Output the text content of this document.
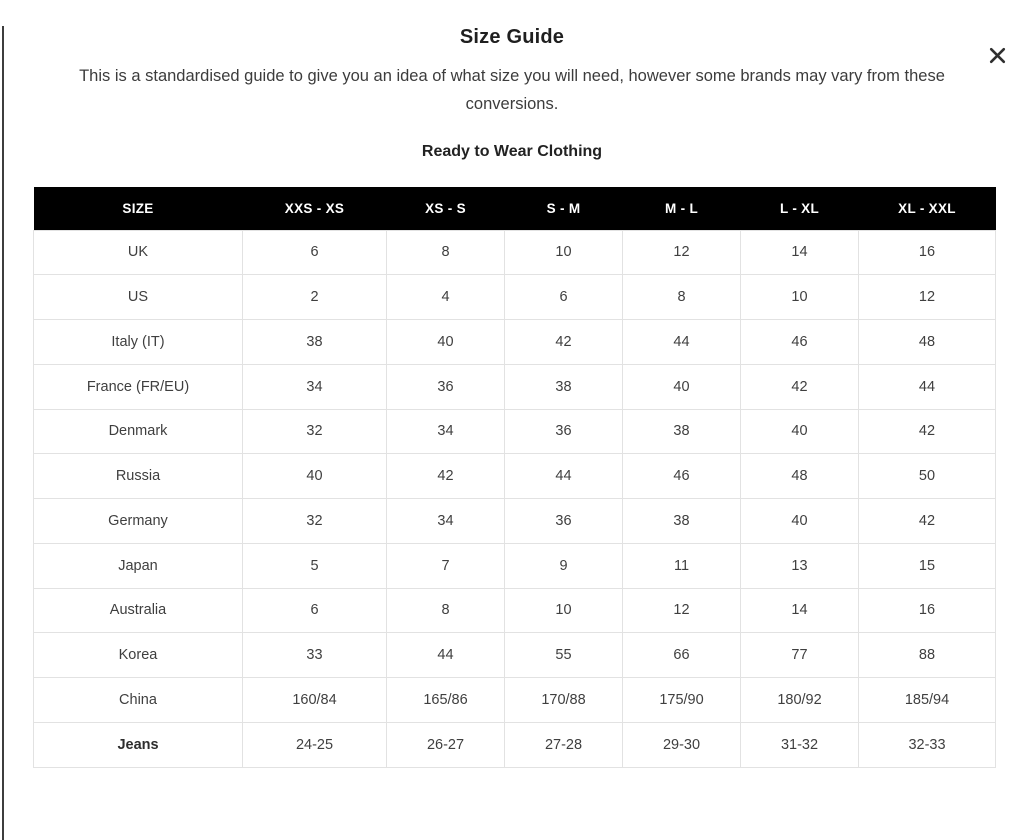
Size Guide

This is a standardised guide to give you an idea of what size you will need, however some brands may vary from these conversions.

Ready to Wear Clothing
SIZE	XXS - XS	XS - S	S - M	M - L	L - XL	XL - XXL
UK	6	8	10	12	14	16
US	2	4	6	8	10	12
Italy (IT)	38	40	42	44	46	48
France (FR/EU)	34	36	38	40	42	44
Denmark	32	34	36	38	40	42
Russia	40	42	44	46	48	50
Germany	32	34	36	38	40	42
Japan	5	7	9	11	13	15
Australia	6	8	10	12	14	16
Korea	33	44	55	66	77	88
China	160/84	165/86	170/88	175/90	180/92	185/94
Jeans	24-25	26-27	27-28	29-30	31-32	32-33
